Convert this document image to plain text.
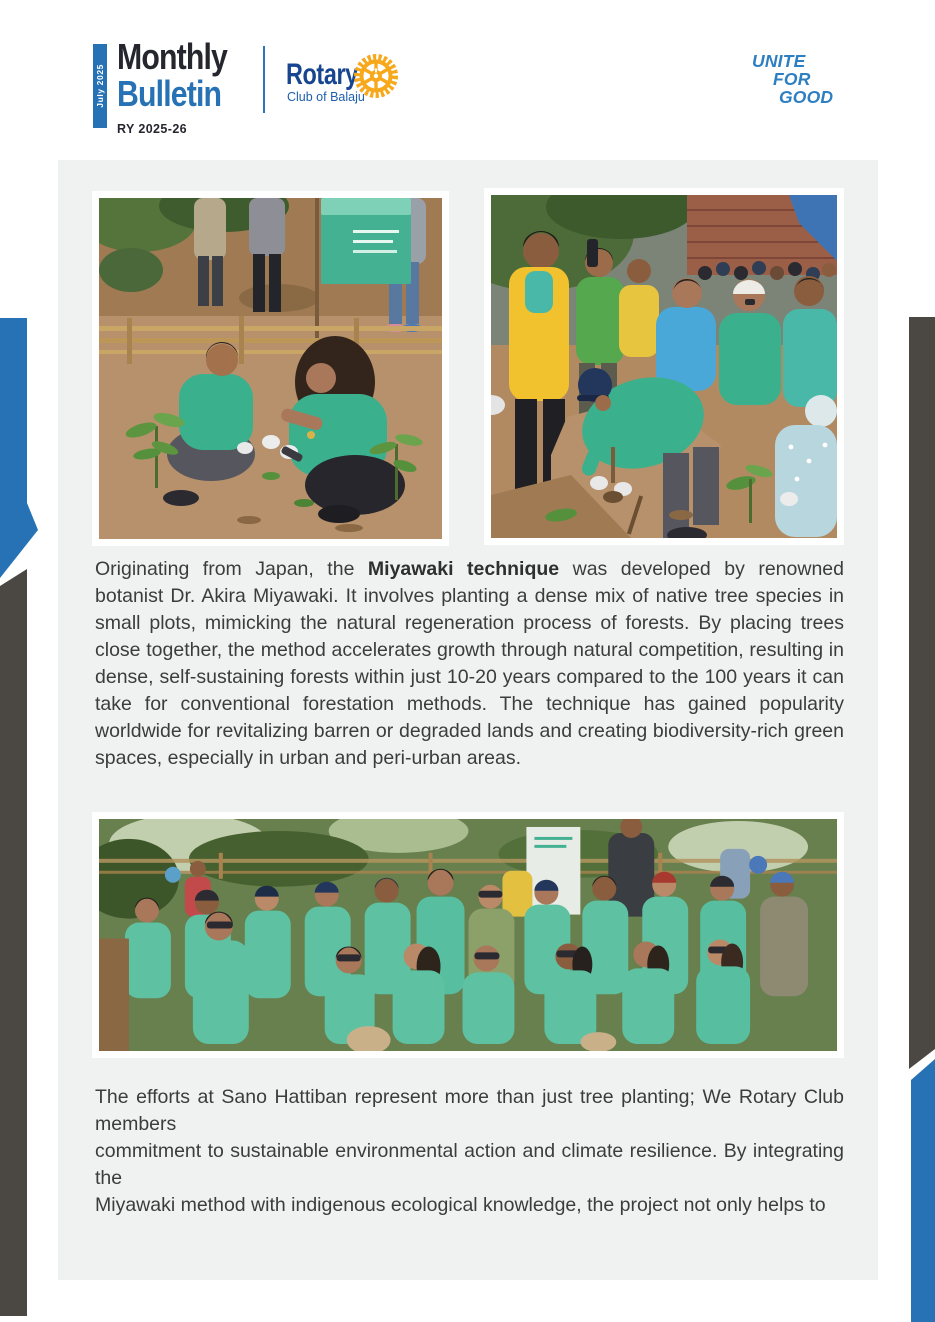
July 2025
Monthly
Bulletin
RY 2025-26
Rotary
Club of Balaju
UNITE
FOR
GOOD

Originating from Japan, the Miyawaki technique was developed by renowned botanist Dr. Akira Miyawaki. It involves planting a dense mix of native tree species in small plots, mimicking the natural regeneration process of forests. By placing trees close together, the method accelerates growth through natural competition, resulting in dense, self-sustaining forests within just 10-20 years compared to the 100 years it can take for conventional forestation methods. The technique has gained popularity worldwide for revitalizing barren or degraded lands and creating biodiversity-rich green spaces, especially in urban and peri-urban areas.

The efforts at Sano Hattiban represent more than just tree planting; We Rotary Club members

commitment to sustainable environmental action and climate resilience. By integrating the

Miyawaki method with indigenous ecological knowledge, the project not only helps to
